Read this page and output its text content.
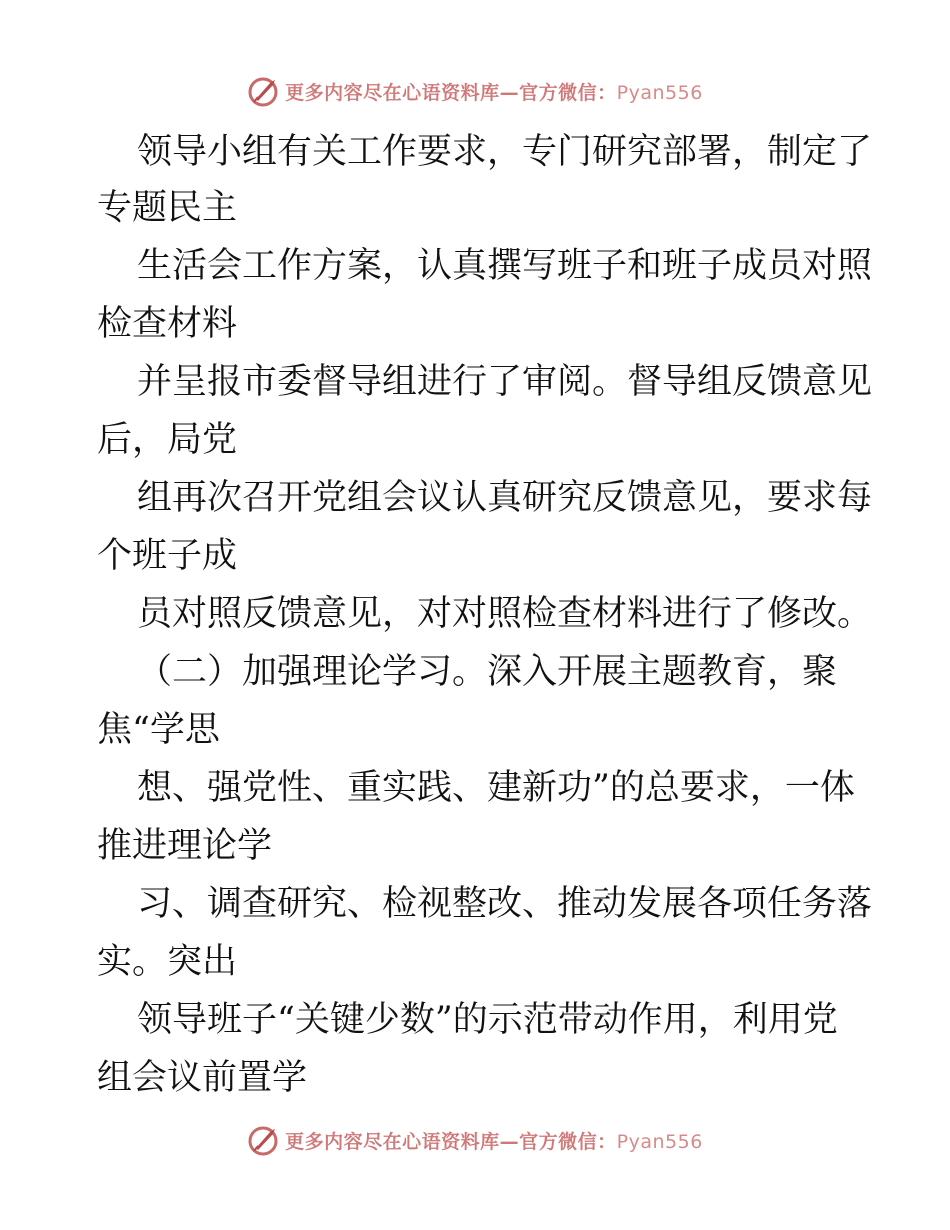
更多内容尽在心语资料库—官方微信：Pyan556
领导小组有关工作要求，专门研究部署，制定了
专题民主
生活会工作方案，认真撰写班子和班子成员对照
检查材料
并呈报市委督导组进行了审阅。督导组反馈意见
后，局党
组再次召开党组会议认真研究反馈意见，要求每
个班子成
员对照反馈意见，对对照检查材料进行了修改。
（二）加强理论学习。深入开展主题教育，聚
焦“学思
想、强党性、重实践、建新功”的总要求，一体
推进理论学
习、调查研究、检视整改、推动发展各项任务落
实。突出
领导班子“关键少数”的示范带动作用，利用党
组会议前置学
更多内容尽在心语资料库—官方微信：Pyan556
